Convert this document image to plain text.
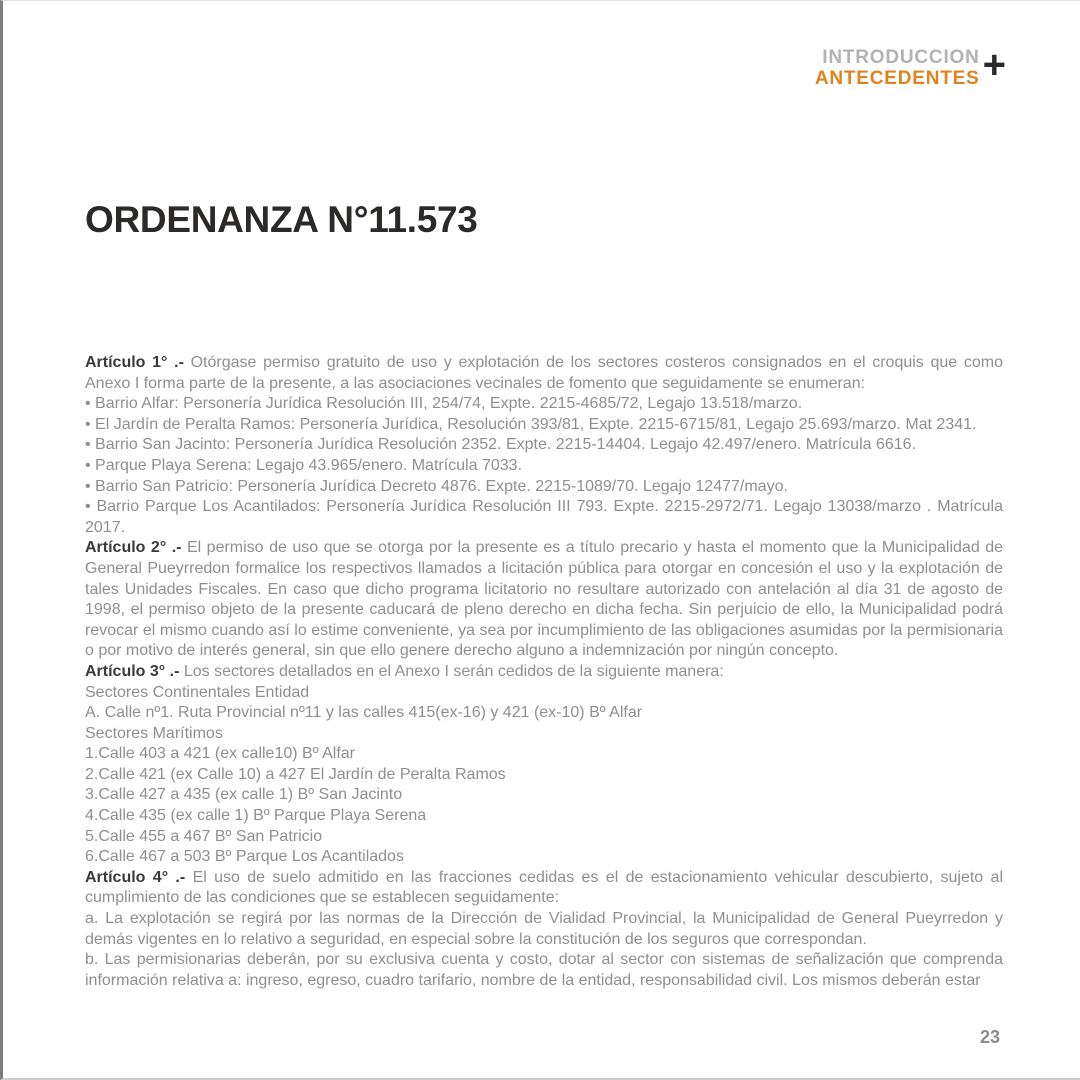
INTRODUCCION
ANTECEDENTES +
ORDENANZA N°11.573

Artículo 1° .- Otórgase permiso gratuito de uso y explotación de los sectores costeros consignados en el croquis que como Anexo I forma parte de la presente, a las asociaciones vecinales de fomento que seguidamente se enumeran:

• Barrio Alfar: Personería Jurídica Resolución III, 254/74, Expte. 2215-4685/72, Legajo 13.518/marzo.

• El Jardín de Peralta Ramos: Personería Jurídica, Resolución 393/81, Expte. 2215-6715/81, Legajo 25.693/marzo. Mat 2341.

• Barrio San Jacinto: Personería Jurídica Resolución 2352. Expte. 2215-14404. Legajo 42.497/enero. Matrícula 6616.

• Parque Playa Serena: Legajo 43.965/enero. Matrícula 7033.

• Barrio San Patricio: Personería Jurídica Decreto 4876. Expte. 2215-1089/70. Legajo 12477/mayo.

• Barrio Parque Los Acantilados: Personería Jurídica Resolución III 793. Expte. 2215-2972/71. Legajo 13038/marzo . Matrícula 2017.

Artículo 2° .- El permiso de uso que se otorga por la presente es a título precario y hasta el momento que la Municipalidad de General Pueyrredon formalice los respectivos llamados a licitación pública para otorgar en concesión el uso y la explotación de tales Unidades Fiscales. En caso que dicho programa licitatorio no resultare autorizado con antelación al día 31 de agosto de 1998, el permiso objeto de la presente caducará de pleno derecho en dicha fecha. Sin perjuicio de ello, la Municipalidad podrá revocar el mismo cuando así lo estime conveniente, ya sea por incumplimiento de las obligaciones asumidas por la permisionaria o por motivo de interés general, sin que ello genere derecho alguno a indemnización por ningún concepto.

Artículo 3° .- Los sectores detallados en el Anexo I serán cedidos de la siguiente manera:

Sectores Continentales Entidad

A. Calle nº1. Ruta Provincial nº11 y las calles 415(ex-16) y 421 (ex-10) Bº Alfar

Sectores Marítimos

1.Calle 403 a 421 (ex calle10) Bº Alfar

2.Calle 421 (ex Calle 10) a 427 El Jardín de Peralta Ramos

3.Calle 427 a 435 (ex calle 1) Bº San Jacinto

4.Calle 435 (ex calle 1) Bº Parque Playa Serena

5.Calle 455 a 467 Bº San Patricio

6.Calle 467 a 503 Bº Parque Los Acantilados

Artículo 4° .- El uso de suelo admitido en las fracciones cedidas es el de estacionamiento vehicular descubierto, sujeto al cumplimiento de las condiciones que se establecen seguidamente:

a. La explotación se regirá por las normas de la Dirección de Vialidad Provincial, la Municipalidad de General Pueyrredon y demás vigentes en lo relativo a seguridad, en especial sobre la constitución de los seguros que correspondan.

b. Las permisionarias deberán, por su exclusiva cuenta y costo, dotar al sector con sistemas de señalización que comprenda información relativa a: ingreso, egreso, cuadro tarifario, nombre de la entidad, responsabilidad civil. Los mismos deberán estar

23
